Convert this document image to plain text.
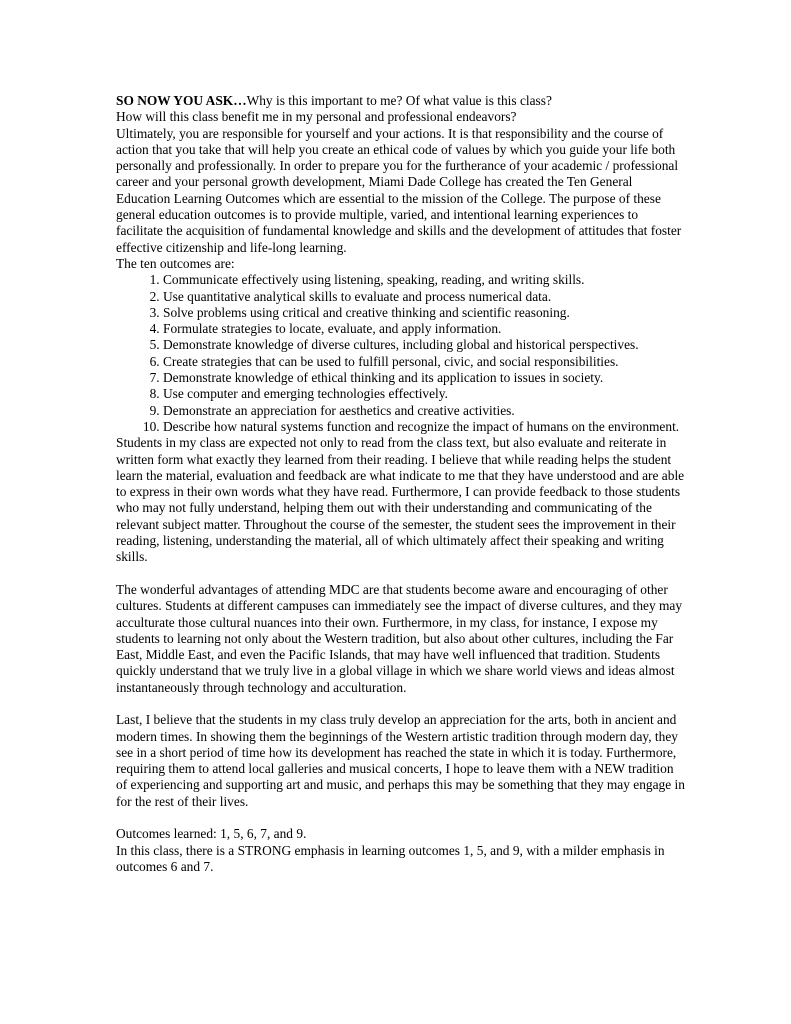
SO NOW YOU ASK…Why is this important to me? Of what value is this class?

How will this class benefit me in my personal and professional endeavors?

Ultimately, you are responsible for yourself and your actions. It is that responsibility and the course of action that you take that will help you create an ethical code of values by which you guide your life both personally and professionally. In order to prepare you for the furtherance of your academic / professional career and your personal growth development, Miami Dade College has created the Ten General Education Learning Outcomes which are essential to the mission of the College. The purpose of these general education outcomes is to provide multiple, varied, and intentional learning experiences to facilitate the acquisition of fundamental knowledge and skills and the development of attitudes that foster effective citizenship and life-long learning.

The ten outcomes are:

1. Communicate effectively using listening, speaking, reading, and writing skills.
2. Use quantitative analytical skills to evaluate and process numerical data.
3. Solve problems using critical and creative thinking and scientific reasoning.
4. Formulate strategies to locate, evaluate, and apply information.
5. Demonstrate knowledge of diverse cultures, including global and historical perspectives.
6. Create strategies that can be used to fulfill personal, civic, and social responsibilities.
7. Demonstrate knowledge of ethical thinking and its application to issues in society.
8. Use computer and emerging technologies effectively.
9. Demonstrate an appreciation for aesthetics and creative activities.
10. Describe how natural systems function and recognize the impact of humans on the environment.

Students in my class are expected not only to read from the class text, but also evaluate and reiterate in written form what exactly they learned from their reading. I believe that while reading helps the student learn the material, evaluation and feedback are what indicate to me that they have understood and are able to express in their own words what they have read. Furthermore, I can provide feedback to those students who may not fully understand, helping them out with their understanding and communicating of the relevant subject matter. Throughout the course of the semester, the student sees the improvement in their reading, listening, understanding the material, all of which ultimately affect their speaking and writing skills.

The wonderful advantages of attending MDC are that students become aware and encouraging of other cultures. Students at different campuses can immediately see the impact of diverse cultures, and they may acculturate those cultural nuances into their own. Furthermore, in my class, for instance, I expose my students to learning not only about the Western tradition, but also about other cultures, including the Far East, Middle East, and even the Pacific Islands, that may have well influenced that tradition. Students quickly understand that we truly live in a global village in which we share world views and ideas almost instantaneously through technology and acculturation.

Last, I believe that the students in my class truly develop an appreciation for the arts, both in ancient and modern times. In showing them the beginnings of the Western artistic tradition through modern day, they see in a short period of time how its development has reached the state in which it is today. Furthermore, requiring them to attend local galleries and musical concerts, I hope to leave them with a NEW tradition of experiencing and supporting art and music, and perhaps this may be something that they may engage in for the rest of their lives.

Outcomes learned: 1, 5, 6, 7, and 9.

In this class, there is a STRONG emphasis in learning outcomes 1, 5, and 9, with a milder emphasis in outcomes 6 and 7.
